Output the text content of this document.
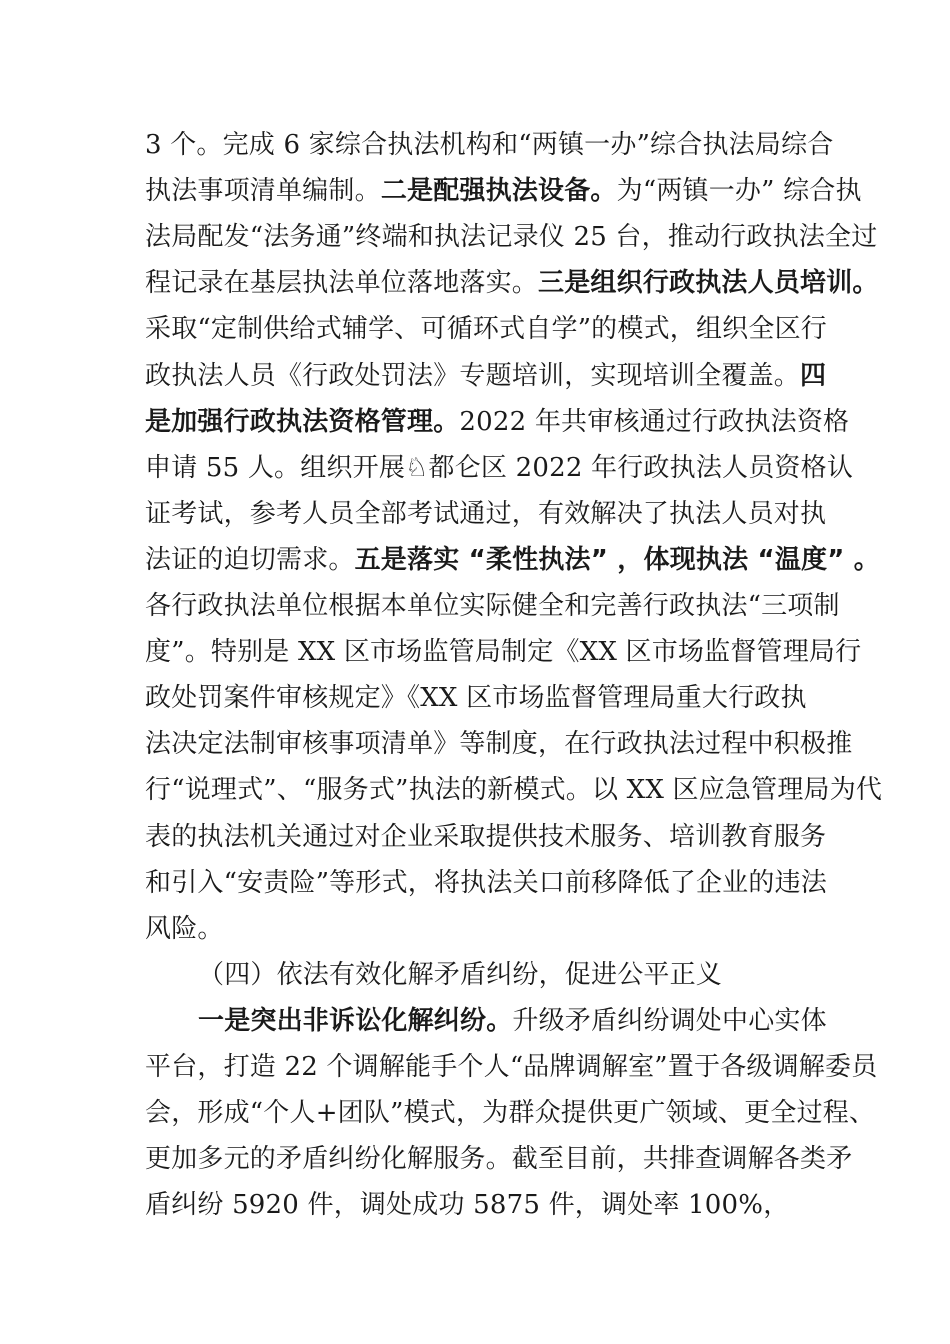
3 个。完成 6 家综合执法机构和“两镇一办”综合执法局综合
执法事项清单编制。二是配强执法设备。为“两镇一办” 综合执
法局配发“法务通”终端和执法记录仪 25 台，推动行政执法全过
程记录在基层执法单位落地落实。三是组织行政执法人员培训。
采取“定制供给式辅学、可循环式自学”的模式，组织全区行
政执法人员《行政处罚法》专题培训，实现培训全覆盖。四
是加强行政执法资格管理。2022 年共审核通过行政执法资格
申请 55 人。组织开展♘都仑区 2022 年行政执法人员资格认
证考试，参考人员全部考试通过，有效解决了执法人员对执
法证的迫切需求。五是落实 “柔性执法” ，体现执法 “温度” 。
各行政执法单位根据本单位实际健全和完善行政执法“三项制
度”。特别是 XX 区市场监管局制定《XX 区市场监督管理局行
政处罚案件审核规定》《XX 区市场监督管理局重大行政执
法决定法制审核事项清单》等制度，在行政执法过程中积极推
行“说理式”、“服务式”执法的新模式。以 XX 区应急管理局为代
表的执法机关通过对企业采取提供技术服务、培训教育服务
和引入“安责险”等形式，将执法关口前移降低了企业的违法
风险。
（四）依法有效化解矛盾纠纷，促进公平正义
一是突出非诉讼化解纠纷。升级矛盾纠纷调处中心实体
平台，打造 22 个调解能手个人“品牌调解室”置于各级调解委员
会，形成“个人+团队”模式，为群众提供更广领域、更全过程、
更加多元的矛盾纠纷化解服务。截至目前，共排查调解各类矛
盾纠纷 5920 件，调处成功 5875 件，调处率 100%，
